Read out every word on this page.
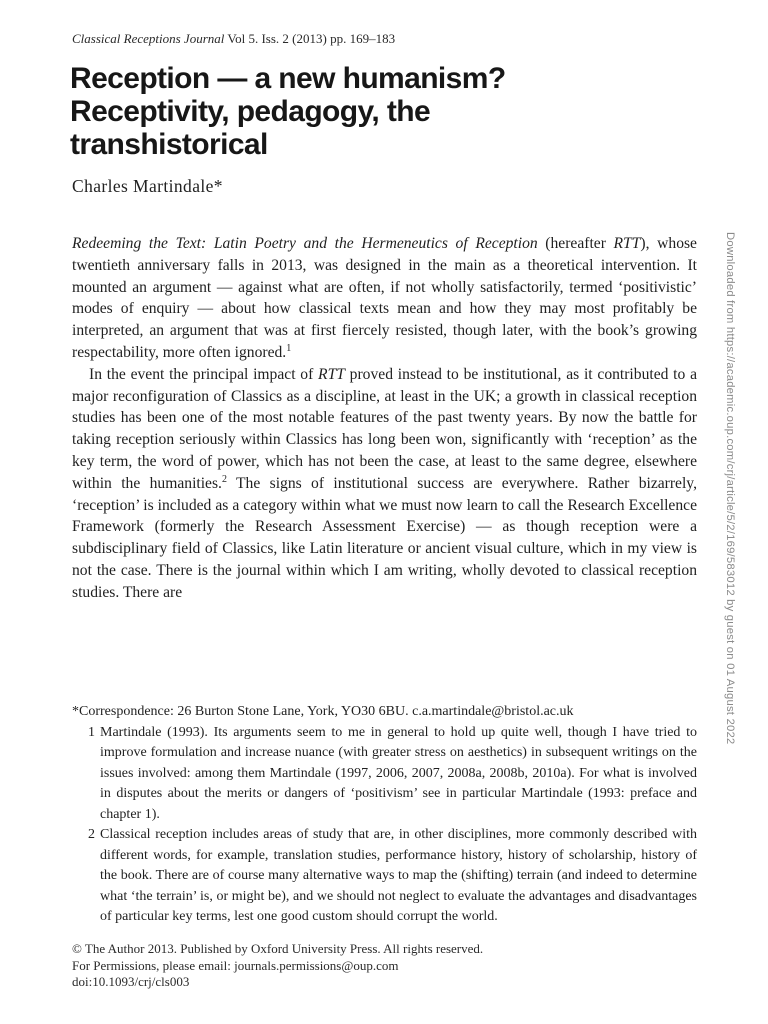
Classical Receptions Journal Vol 5. Iss. 2 (2013) pp. 169–183
Reception — a new humanism?
Receptivity, pedagogy, the
transhistorical
Charles Martindale*

Redeeming the Text: Latin Poetry and the Hermeneutics of Reception (hereafter RTT), whose twentieth anniversary falls in 2013, was designed in the main as a theoretical intervention. It mounted an argument — against what are often, if not wholly satisfactorily, termed ‘positivistic’ modes of enquiry — about how classical texts mean and how they may most profitably be interpreted, an argument that was at first fiercely resisted, though later, with the book’s growing respectability, more often ignored.$^1$

In the event the principal impact of RTT proved instead to be institutional, as it contributed to a major reconfiguration of Classics as a discipline, at least in the UK; a growth in classical reception studies has been one of the most notable features of the past twenty years. By now the battle for taking reception seriously within Classics has long been won, significantly with ‘reception’ as the key term, the word of power, which has not been the case, at least to the same degree, elsewhere within the humanities.$^2$ The signs of institutional success are everywhere. Rather bizarrely, ‘reception’ is included as a category within what we must now learn to call the Research Excellence Framework (formerly the Research Assessment Exercise) — as though reception were a subdisciplinary field of Classics, like Latin literature or ancient visual culture, which in my view is not the case. There is the journal within which I am writing, wholly devoted to classical reception studies. There are

*Correspondence: 26 Burton Stone Lane, York, YO30 6BU. c.a.martindale@bristol.ac.uk

1 Martindale (1993). Its arguments seem to me in general to hold up quite well, though I have tried to improve formulation and increase nuance (with greater stress on aesthetics) in subsequent writings on the issues involved: among them Martindale (1997, 2006, 2007, 2008a, 2008b, 2010a). For what is involved in disputes about the merits or dangers of ‘positivism’ see in particular Martindale (1993: preface and chapter 1).
2 Classical reception includes areas of study that are, in other disciplines, more commonly described with different words, for example, translation studies, performance history, history of scholarship, history of the book. There are of course many alternative ways to map the (shifting) terrain (and indeed to determine what ‘the terrain’ is, or might be), and we should not neglect to evaluate the advantages and disadvantages of particular key terms, lest one good custom should corrupt the world.
© The Author 2013. Published by Oxford University Press. All rights reserved.
For Permissions, please email: journals.permissions@oup.com
doi:10.1093/crj/cls003
Downloaded from https://academic.oup.com/crj/article/5/2/169/583012 by guest on 01 August 2022
